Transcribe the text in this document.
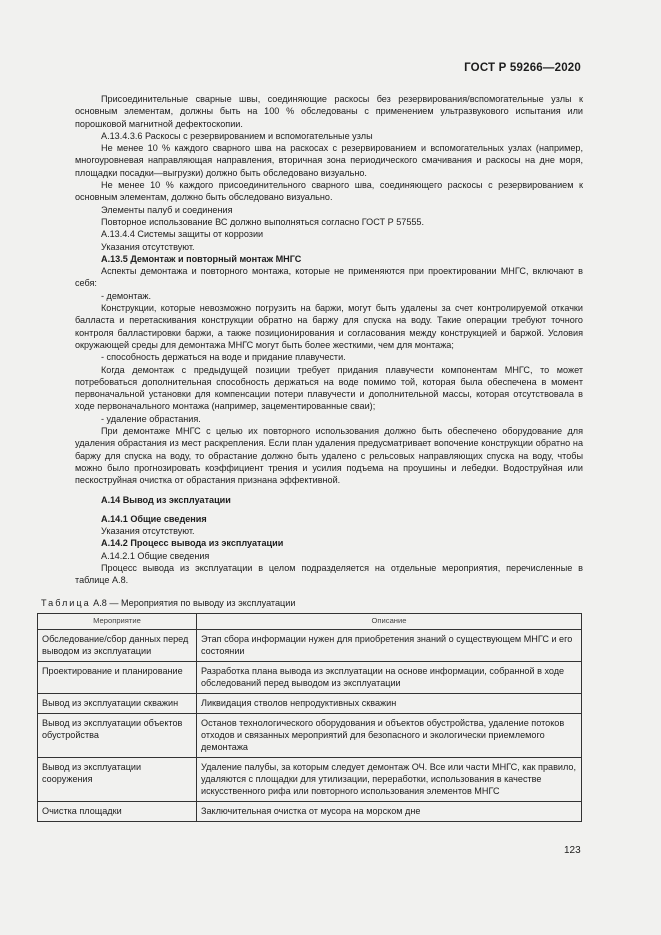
ГОСТ Р 59266—2020

Присоединительные сварные швы, соединяющие раскосы без резервирования/вспомогательные узлы к основным элементам, должны быть на 100 % обследованы с применением ультразвукового испытания или порошковой магнитной дефектоскопии.

А.13.4.3.6 Раскосы с резервированием и вспомогательные узлы

Не менее 10 % каждого сварного шва на раскосах с резервированием и вспомогательных узлах (например, многоуровневая направляющая направления, вторичная зона периодического смачивания и раскосы на дне моря, площадки посадки—выгрузки) должно быть обследовано визуально.

Не менее 10 % каждого присоединительного сварного шва, соединяющего раскосы с резервированием к основным элементам, должно быть обследовано визуально.

Элементы палуб и соединения

Повторное использование ВС должно выполняться согласно ГОСТ Р 57555.

А.13.4.4 Системы защиты от коррозии

Указания отсутствуют.

А.13.5 Демонтаж и повторный монтаж МНГС

Аспекты демонтажа и повторного монтажа, которые не применяются при проектировании МНГС, включают в себя:

- демонтаж.

Конструкции, которые невозможно погрузить на баржи, могут быть удалены за счет контролируемой откачки балласта и перетаскивания конструкции обратно на баржу для спуска на воду. Такие операции требуют точного контроля балластировки баржи, а также позиционирования и согласования между конструкцией и баржой. Условия окружающей среды для демонтажа МНГС могут быть более жесткими, чем для монтажа;

- способность держаться на воде и придание плавучести.

Когда демонтаж с предыдущей позиции требует придания плавучести компонентам МНГС, то может потребоваться дополнительная способность держаться на воде помимо той, которая была обеспечена в момент первоначальной установки для компенсации потери плавучести и дополнительной массы, которая отсутствовала в ходе первоначального монтажа (например, зацементированные сваи);

- удаление обрастания.

При демонтаже МНГС с целью их повторного использования должно быть обеспечено оборудование для удаления обрастания из мест раскрепления. Если план удаления предусматривает вопочение конструкции обратно на баржу для спуска на воду, то обрастание должно быть удалено с рельсовых направляющих спуска на воду, чтобы можно было прогнозировать коэффициент трения и усилия подъема на проушины и лебедки. Водоструйная или пескоструйная очистка от обрастания признана эффективной.

А.14 Вывод из эксплуатации

А.14.1 Общие сведения

Указания отсутствуют.

А.14.2 Процесс вывода из эксплуатации

А.14.2.1 Общие сведения

Процесс вывода из эксплуатации в целом подразделяется на отдельные мероприятия, перечисленные в таблице А.8.

Таблица А.8 — Мероприятия по выводу из эксплуатации

Мероприятие	Описание
Обследование/сбор данных перед выводом из эксплуатации	Этап сбора информации нужен для приобретения знаний о существующем МНГС и его состоянии
Проектирование и планирование	Разработка плана вывода из эксплуатации на основе информации, собранной в ходе обследований перед выводом из эксплуатации
Вывод из эксплуатации скважин	Ликвидация стволов непродуктивных скважин
Вывод из эксплуатации объектов обустройства	Останов технологического оборудования и объектов обустройства, удаление потоков отходов и связанных мероприятий для безопасного и экологически приемлемого демонтажа
Вывод из эксплуатации сооружения	Удаление палубы, за которым следует демонтаж ОЧ. Все или части МНГС, как правило, удаляются с площадки для утилизации, переработки, использования в качестве искусственного рифа или повторного использования элементов МНГС
Очистка площадки	Заключительная очистка от мусора на морском дне
123
